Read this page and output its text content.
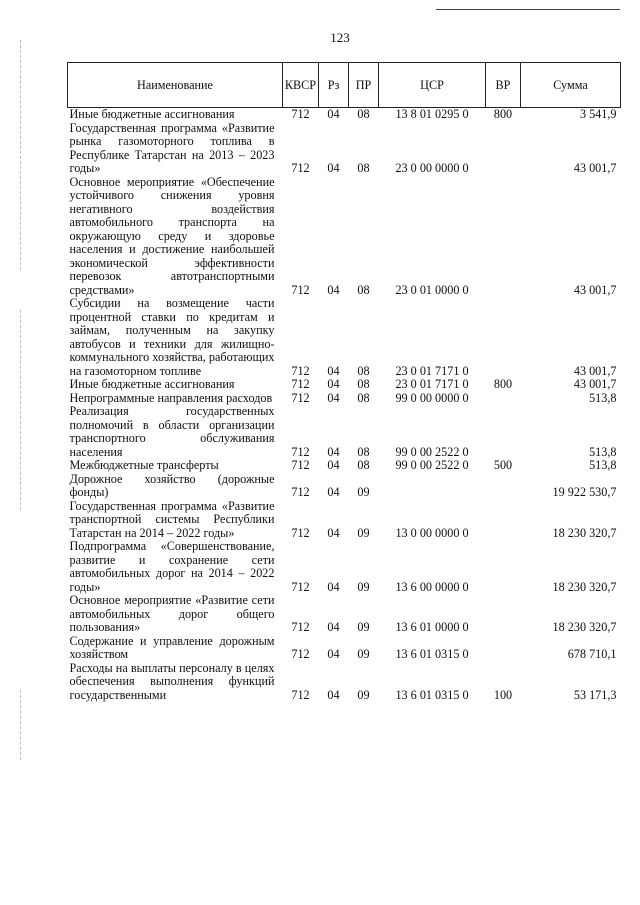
123
Наименование	КВСР	Рз	ПР	ЦСР	ВР	Сумма
Иные бюджетные ассигнования	712	04	08	13 8 01 0295 0	800	3 541,9
Государственная программа «Развитие рынка газомоторного топлива в Республике Татарстан на 2013 – 2023 годы»	712	04	08	23 0 00 0000 0		43 001,7
Основное мероприятие «Обеспечение устойчивого снижения уровня негативного воздействия автомобильного транспорта на окружающую среду и здоровье населения и достижение наибольшей экономической эффективности перевозок автотранспортными средствами»	712	04	08	23 0 01 0000 0		43 001,7
Субсидии на возмещение части процентной ставки по кредитам и займам, полученным на закупку автобусов и техники для жилищно-коммунального хозяйства, работающих на газомоторном топливе	712	04	08	23 0 01 7171 0		43 001,7
Иные бюджетные ассигнования	712	04	08	23 0 01 7171 0	800	43 001,7
Непрограммные направления расходов	712	04	08	99 0 00 0000 0		513,8
Реализация государственных полномочий в области организации транспортного обслуживания населения	712	04	08	99 0 00 2522 0		513,8
Межбюджетные трансферты	712	04	08	99 0 00 2522 0	500	513,8
Дорожное хозяйство (дорожные фонды)	712	04	09			19 922 530,7
Государственная программа «Развитие транспортной системы Республики Татарстан на 2014 – 2022 годы»	712	04	09	13 0 00 0000 0		18 230 320,7
Подпрограмма «Совершенствование, развитие и сохранение сети автомобильных дорог на 2014 – 2022 годы»	712	04	09	13 6 00 0000 0		18 230 320,7
Основное мероприятие «Развитие сети автомобильных дорог общего пользования»	712	04	09	13 6 01 0000 0		18 230 320,7
Содержание и управление дорожным хозяйством	712	04	09	13 6 01 0315 0		678 710,1
Расходы на выплаты персоналу в целях обеспечения выполнения функций государственными	712	04	09	13 6 01 0315 0	100	53 171,3
